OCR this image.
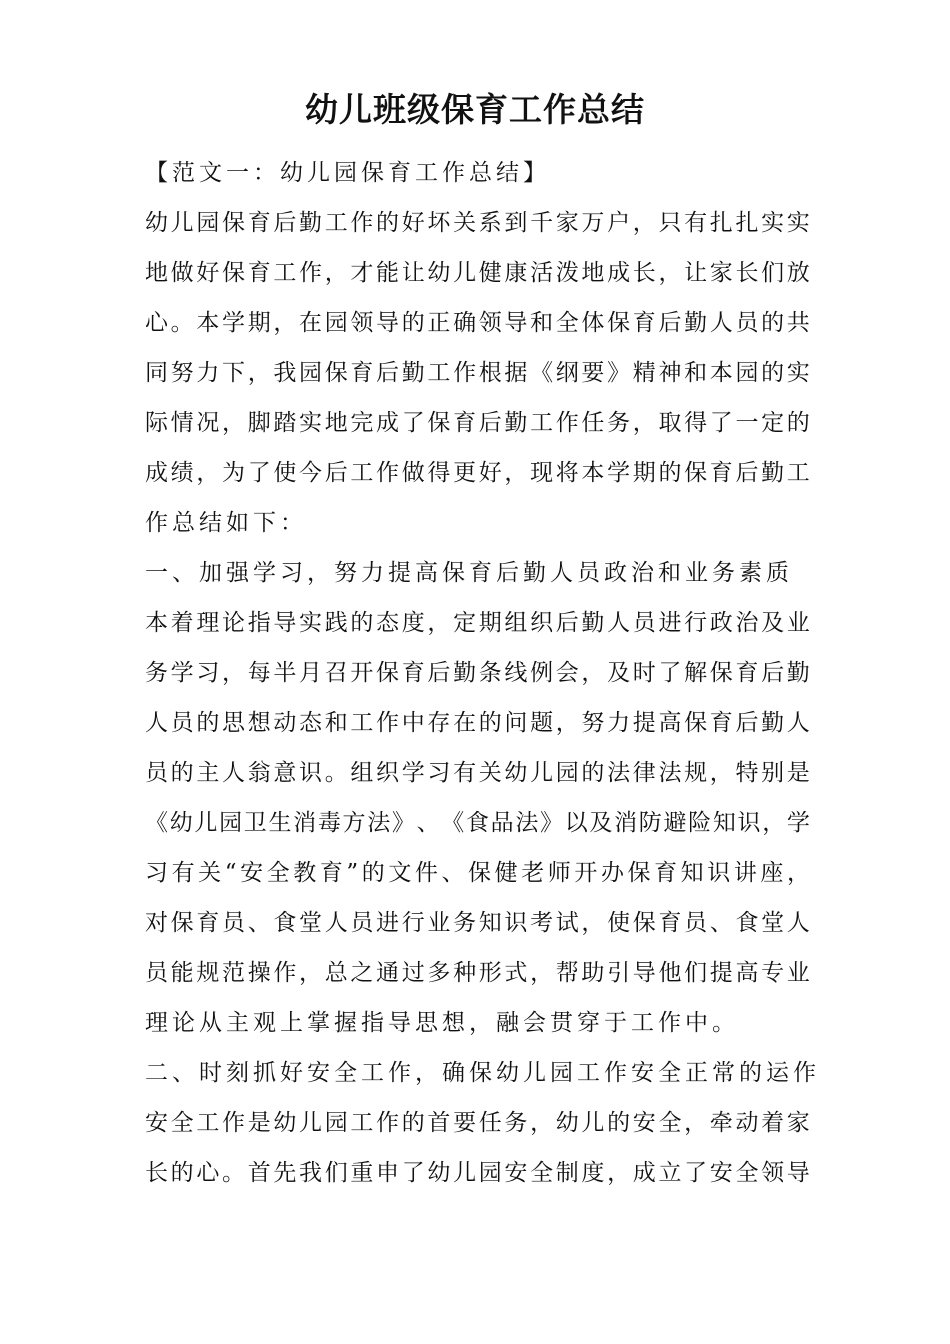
幼儿班级保育工作总结
【范文一：幼儿园保育工作总结】
幼 儿 园 保 育 后 勤 工 作 的 好 坏 关 系 到 千 家 万 户 ， 只 有 扎 扎 实 实
地 做 好 保 育 工 作 ， 才 能 让 幼 儿 健 康 活 泼 地 成 长 ， 让 家 长 们 放
心 。 本 学 期 ， 在 园 领 导 的 正 确 领 导 和 全 体 保 育 后 勤 人 员 的 共
同 努 力 下 ， 我 园 保 育 后 勤 工 作 根 据 《 纲 要 》 精 神 和 本 园 的 实
际 情 况 ， 脚 踏 实 地 完 成 了 保 育 后 勤 工 作 任 务 ， 取 得 了 一 定 的
成 绩 ， 为 了 使 今 后 工 作 做 得 更 好 ， 现 将 本 学 期 的 保 育 后 勤 工
作总结如下：
一、加强学习，努力提高保育后勤人员政治和业务素质
本 着 理 论 指 导 实 践 的 态 度 ， 定 期 组 织 后 勤 人 员 进 行 政 治 及 业
务 学 习 ， 每 半 月 召 开 保 育 后 勤 条 线 例 会 ， 及 时 了 解 保 育 后 勤
人 员 的 思 想 动 态 和 工 作 中 存 在 的 问 题 ， 努 力 提 高 保 育 后 勤 人
员 的 主 人 翁 意 识 。 组 织 学 习 有 关 幼 儿 园 的 法 律 法 规 ， 特 别 是
《 幼 儿 园 卫 生 消 毒 方 法 》 、 《 食 品 法 》 以 及 消 防 避 险 知 识 ， 学
习 有 关 “ 安 全 教 育 ” 的 文 件 、 保 健 老 师 开 办 保 育 知 识 讲 座 ，
对 保 育 员 、 食 堂 人 员 进 行 业 务 知 识 考 试 ， 使 保 育 员 、 食 堂 人
员 能 规 范 操 作 ， 总 之 通 过 多 种 形 式 ， 帮 助 引 导 他 们 提 高 专 业
理论从主观上掌握指导思想，融会贯穿于工作中。
二、时刻抓好安全工作，确保幼儿园工作安全正常的运作
安 全 工 作 是 幼 儿 园 工 作 的 首 要 任 务 ， 幼 儿 的 安 全 ， 牵 动 着 家
长 的 心 。 首 先 我 们 重 申 了 幼 儿 园 安 全 制 度 ， 成 立 了 安 全 领 导
